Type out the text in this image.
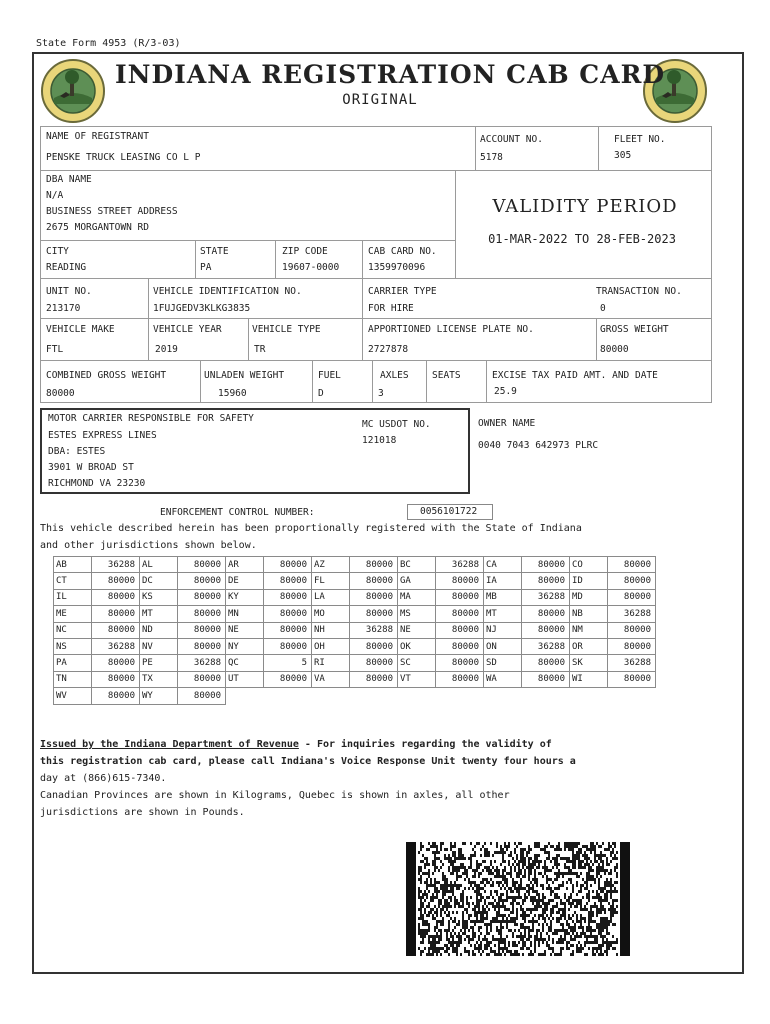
State Form 4953 (R/3-03)
INDIANA REGISTRATION CAB CARD
ORIGINAL
NAME OF REGISTRANT
PENSKE TRUCK LEASING CO L P
ACCOUNT NO.
5178
FLEET NO.
305
DBA NAME
N/A
BUSINESS STREET ADDRESS
2675 MORGANTOWN RD
CITY
READING
STATE
PA
ZIP CODE
19607-0000
CAB CARD NO.
1359970096
VALIDITY PERIOD
01-MAR-2022 TO 28-FEB-2023
UNIT NO.
213170
VEHICLE IDENTIFICATION NO.
1FUJGEDV3KLKG3835
CARRIER TYPE
FOR HIRE
TRANSACTION NO.
0
VEHICLE MAKE
FTL
VEHICLE YEAR
2019
VEHICLE TYPE
TR
APPORTIONED LICENSE PLATE NO.
2727878
GROSS WEIGHT
80000
COMBINED GROSS WEIGHT
80000
UNLADEN WEIGHT
15960
FUEL
D
AXLES
3
SEATS	EXCISE TAX PAID AMT. AND DATE
25.9
MOTOR CARRIER RESPONSIBLE FOR SAFETY
ESTES EXPRESS LINES
DBA: ESTES
3901 W BROAD ST
RICHMOND VA 23230
MC USDOT NO.
121018
OWNER NAME
0040 7043 642973 PLRC
ENFORCEMENT CONTROL NUMBER:	0056101722
This vehicle described herein has been proportionally registered with the State of Indiana
and other jurisdictions shown below.
AB	36288	AL	80000	AR	80000	AZ	80000	BC	36288	CA	80000	CO	80000
CT	80000	DC	80000	DE	80000	FL	80000	GA	80000	IA	80000	ID	80000
IL	80000	KS	80000	KY	80000	LA	80000	MA	80000	MB	36288	MD	80000
ME	80000	MT	80000	MN	80000	MO	80000	MS	80000	MT	80000	NB	36288
NC	80000	ND	80000	NE	80000	NH	36288	NE	80000	NJ	80000	NM	80000
NS	36288	NV	80000	NY	80000	OH	80000	OK	80000	ON	36288	OR	80000
PA	80000	PE	36288	QC	5	RI	80000	SC	80000	SD	80000	SK	36288
TN	80000	TX	80000	UT	80000	VA	80000	VT	80000	WA	80000	WI	80000
WV	80000	WY	80000										
Issued by the Indiana Department of Revenue - For inquiries regarding the validity of
this registration cab card, please call Indiana's Voice Response Unit twenty four hours a
day at (866)615-7340.
Canadian Provinces are shown in Kilograms, Quebec is shown in axles, all other
jurisdictions are shown in Pounds.
